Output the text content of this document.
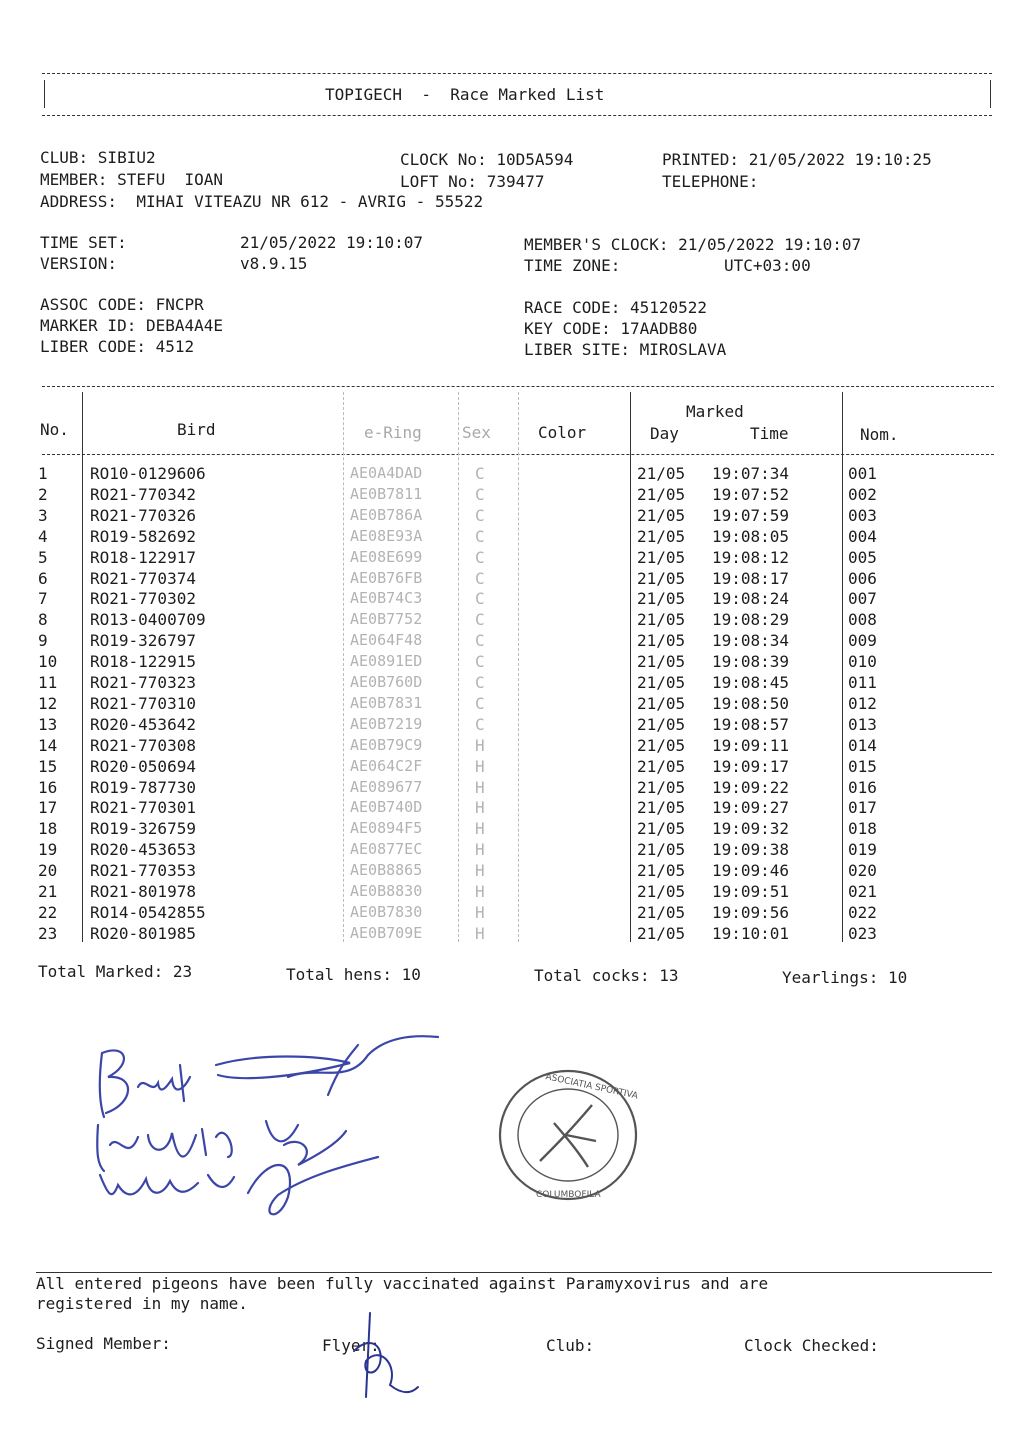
TOPIGECH  -  Race Marked List
CLUB: SIBIU2
MEMBER: STEFU  IOAN
ADDRESS:  MIHAI VITEAZU NR 612 - AVRIG - 55522
CLOCK No: 10D5A594
LOFT No: 739477
PRINTED: 21/05/2022 19:10:25
TELEPHONE:
TIME SET:	21/05/2022 19:10:07
VERSION:	v8.9.15
MEMBER'S CLOCK: 21/05/2022 19:10:07
TIME ZONE:	UTC+03:00
ASSOC CODE: FNCPR
MARKER ID: DEBA4A4E
LIBER CODE: 4512
RACE CODE: 45120522
KEY CODE: 17AADB80
LIBER SITE: MIROSLAVA
No.	Bird	e-Ring	Sex	Color
Marked
Day	Time	Nom.
1	RO10-0129606	AE0A4DAD	C	21/05 19:07:34	001
2	RO21-770342	AE0B7811	C	21/05 19:07:52	002
3	RO21-770326	AE0B786A	C	21/05 19:07:59	003
4	RO19-582692	AE08E93A	C	21/05 19:08:05	004
5	RO18-122917	AE08E699	C	21/05 19:08:12	005
6	RO21-770374	AE0B76FB	C	21/05 19:08:17	006
7	RO21-770302	AE0B74C3	C	21/05 19:08:24	007
8	RO13-0400709	AE0B7752	C	21/05 19:08:29	008
9	RO19-326797	AE064F48	C	21/05 19:08:34	009
10 RO18-122915	AE0891ED	C	21/05 19:08:39	010
11 RO21-770323	AE0B760D	C	21/05 19:08:45	011
12 RO21-770310	AE0B7831	C	21/05 19:08:50	012
13 RO20-453642	AE0B7219	C	21/05 19:08:57	013
14 RO21-770308	AE0B79C9	H	21/05 19:09:11	014
15 RO20-050694	AE064C2F	H	21/05 19:09:17	015
16 RO19-787730	AE089677	H	21/05 19:09:22	016
17 RO21-770301	AE0B740D	H	21/05 19:09:27	017
18 RO19-326759	AE0894F5	H	21/05 19:09:32	018
19 RO20-453653	AE0877EC	H	21/05 19:09:38	019
20 RO21-770353	AE0B8865	H	21/05 19:09:46	020
21 RO21-801978	AE0B8830	H	21/05 19:09:51	021
22 RO14-0542855	AE0B7830	H	21/05 19:09:56	022
23 RO20-801985	AE0B709E	H	21/05 19:10:01	023
Total Marked: 23	Total hens: 10	Total cocks: 13	Yearlings: 10
ASOCIATIA SPORTIVA
COLUMBOFILA
All entered pigeons have been fully vaccinated against Paramyxovirus and are
registered in my name.
Signed Member:	Flyer:	Club:	Clock Checked:
